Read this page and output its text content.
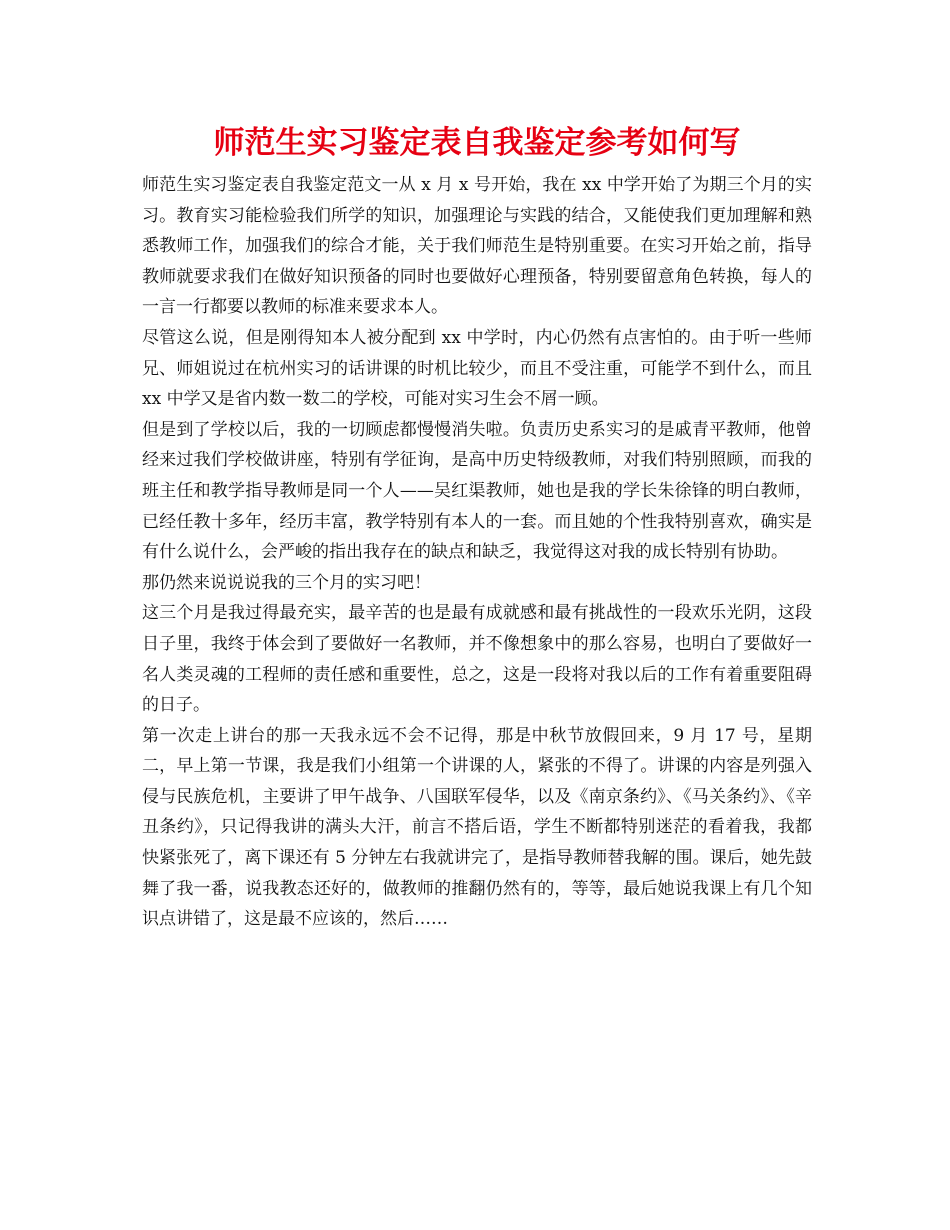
师范生实习鉴定表自我鉴定参考如何写

师范生实习鉴定表自我鉴定范文一从 x 月 x 号开始，我在 xx 中学开始了为期三个月的实习。教育实习能检验我们所学的知识，加强理论与实践的结合，又能使我们更加理解和熟悉教师工作，加强我们的综合才能，关于我们师范生是特别重要。在实习开始之前，指导教师就要求我们在做好知识预备的同时也要做好心理预备，特别要留意角色转换，每人的一言一行都要以教师的标准来要求本人。

尽管这么说，但是刚得知本人被分配到 xx 中学时，内心仍然有点害怕的。由于听一些师兄、师姐说过在杭州实习的话讲课的时机比较少，而且不受注重，可能学不到什么，而且 xx 中学又是省内数一数二的学校，可能对实习生会不屑一顾。

但是到了学校以后，我的一切顾虑都慢慢消失啦。负责历史系实习的是戚青平教师，他曾经来过我们学校做讲座，特别有学征询，是高中历史特级教师，对我们特别照顾，而我的班主任和教学指导教师是同一个人——吴红渠教师，她也是我的学长朱徐锋的明白教师，已经任教十多年，经历丰富，教学特别有本人的一套。而且她的个性我特别喜欢，确实是有什么说什么，会严峻的指出我存在的缺点和缺乏，我觉得这对我的成长特别有协助。

那仍然来说说说我的三个月的实习吧！

这三个月是我过得最充实，最辛苦的也是最有成就感和最有挑战性的一段欢乐光阴，这段日子里，我终于体会到了要做好一名教师，并不像想象中的那么容易，也明白了要做好一名人类灵魂的工程师的责任感和重要性，总之，这是一段将对我以后的工作有着重要阻碍的日子。

第一次走上讲台的那一天我永远不会不记得，那是中秋节放假回来，9 月 17 号，星期二，早上第一节课，我是我们小组第一个讲课的人，紧张的不得了。讲课的内容是列强入侵与民族危机，主要讲了甲午战争、八国联军侵华，以及《南京条约》、《马关条约》、《辛丑条约》，只记得我讲的满头大汗，前言不搭后语，学生不断都特别迷茫的看着我，我都快紧张死了，离下课还有 5 分钟左右我就讲完了，是指导教师替我解的围。课后，她先鼓舞了我一番，说我教态还好的，做教师的推翻仍然有的，等等，最后她说我课上有几个知识点讲错了，这是最不应该的，然后……
